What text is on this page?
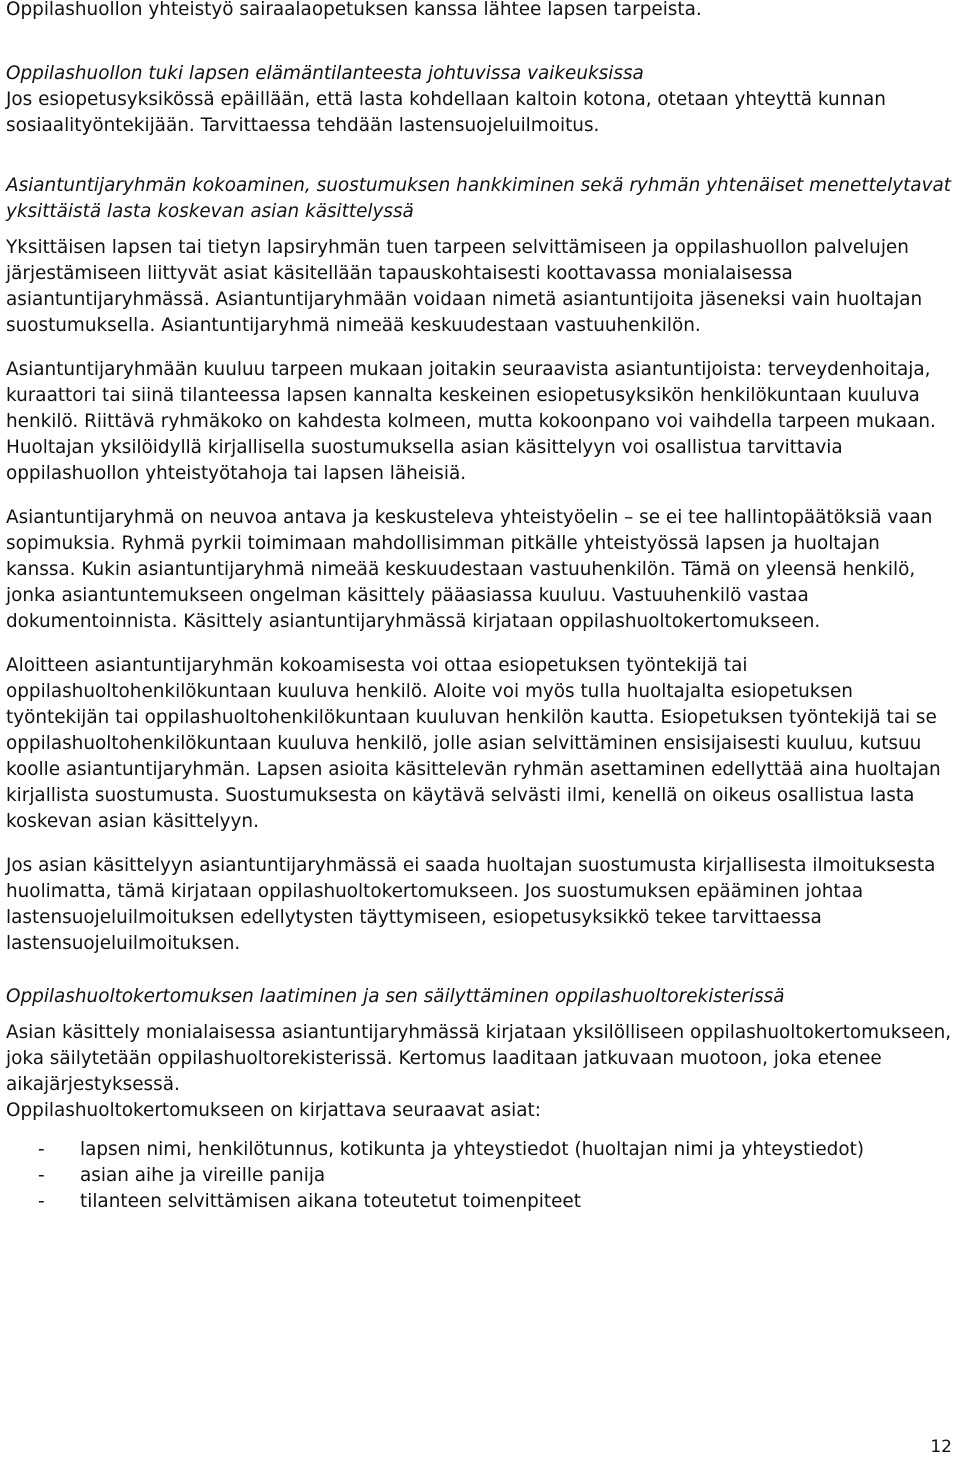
Oppilashuollon yhteistyö sairaalaopetuksen kanssa lähtee lapsen tarpeista.

Oppilashuollon tuki lapsen elämäntilanteesta johtuvissa vaikeuksissa

Jos esiopetusyksikössä epäillään, että lasta kohdellaan kaltoin kotona, otetaan yhteyttä kunnan sosiaalityöntekijään. Tarvittaessa tehdään lastensuojeluilmoitus.

Asiantuntijaryhmän kokoaminen, suostumuksen hankkiminen sekä ryhmän yhtenäiset menettelytavat yksittäistä lasta koskevan asian käsittelyssä

Yksittäisen lapsen tai tietyn lapsiryhmän tuen tarpeen selvittämiseen ja oppilashuollon palvelujen järjestämiseen liittyvät asiat käsitellään tapauskohtaisesti koottavassa monialaisessa asiantuntijaryhmässä. Asiantuntijaryhmään voidaan nimetä asiantuntijoita jäseneksi vain huoltajan suostumuksella. Asiantuntijaryhmä nimeää keskuudestaan vastuuhenkilön.

Asiantuntijaryhmään kuuluu tarpeen mukaan joitakin seuraavista asiantuntijoista: terveydenhoitaja, kuraattori tai siinä tilanteessa lapsen kannalta keskeinen esiopetusyksikön henkilökuntaan kuuluva henkilö. Riittävä ryhmäkoko on kahdesta kolmeen, mutta kokoonpano voi vaihdella tarpeen mukaan. Huoltajan yksilöidyllä kirjallisella suostumuksella asian käsittelyyn voi osallistua tarvittavia oppilashuollon yhteistyötahoja tai lapsen läheisiä.

Asiantuntijaryhmä on neuvoa antava ja keskusteleva yhteistyöelin – se ei tee hallintopäätöksiä vaan sopimuksia. Ryhmä pyrkii toimimaan mahdollisimman pitkälle yhteistyössä lapsen ja huoltajan kanssa. Kukin asiantuntijaryhmä nimeää keskuudestaan vastuuhenkilön. Tämä on yleensä henkilö, jonka asiantuntemukseen ongelman käsittely pääasiassa kuuluu. Vastuuhenkilö vastaa dokumentoinnista. Käsittely asiantuntijaryhmässä kirjataan oppilashuoltokertomukseen.

Aloitteen asiantuntijaryhmän kokoamisesta voi ottaa esiopetuksen työntekijä tai oppilashuoltohenkilökuntaan kuuluva henkilö. Aloite voi myös tulla huoltajalta esiopetuksen työntekijän tai oppilashuoltohenkilökuntaan kuuluvan henkilön kautta. Esiopetuksen työntekijä tai se oppilashuoltohenkilökuntaan kuuluva henkilö, jolle asian selvittäminen ensisijaisesti kuuluu, kutsuu koolle asiantuntijaryhmän. Lapsen asioita käsittelevän ryhmän asettaminen edellyttää aina huoltajan kirjallista suostumusta. Suostumuksesta on käytävä selvästi ilmi, kenellä on oikeus osallistua lasta koskevan asian käsittelyyn.

Jos asian käsittelyyn asiantuntijaryhmässä ei saada huoltajan suostumusta kirjallisesta ilmoituksesta huolimatta, tämä kirjataan oppilashuoltokertomukseen. Jos suostumuksen epääminen johtaa lastensuojeluilmoituksen edellytysten täyttymiseen, esiopetusyksikkö tekee tarvittaessa lastensuojeluilmoituksen.

Oppilashuoltokertomuksen laatiminen ja sen säilyttäminen oppilashuoltorekisterissä

Asian käsittely monialaisessa asiantuntijaryhmässä kirjataan yksilölliseen oppilashuoltokertomukseen, joka säilytetään oppilashuoltorekisterissä. Kertomus laaditaan jatkuvaan muotoon, joka etenee aikajärjestyksessä.

Oppilashuoltokertomukseen on kirjattava seuraavat asiat:

- lapsen nimi, henkilötunnus, kotikunta ja yhteystiedot (huoltajan nimi ja yhteystiedot)
- asian aihe ja vireille panija
- tilanteen selvittämisen aikana toteutetut toimenpiteet
12
